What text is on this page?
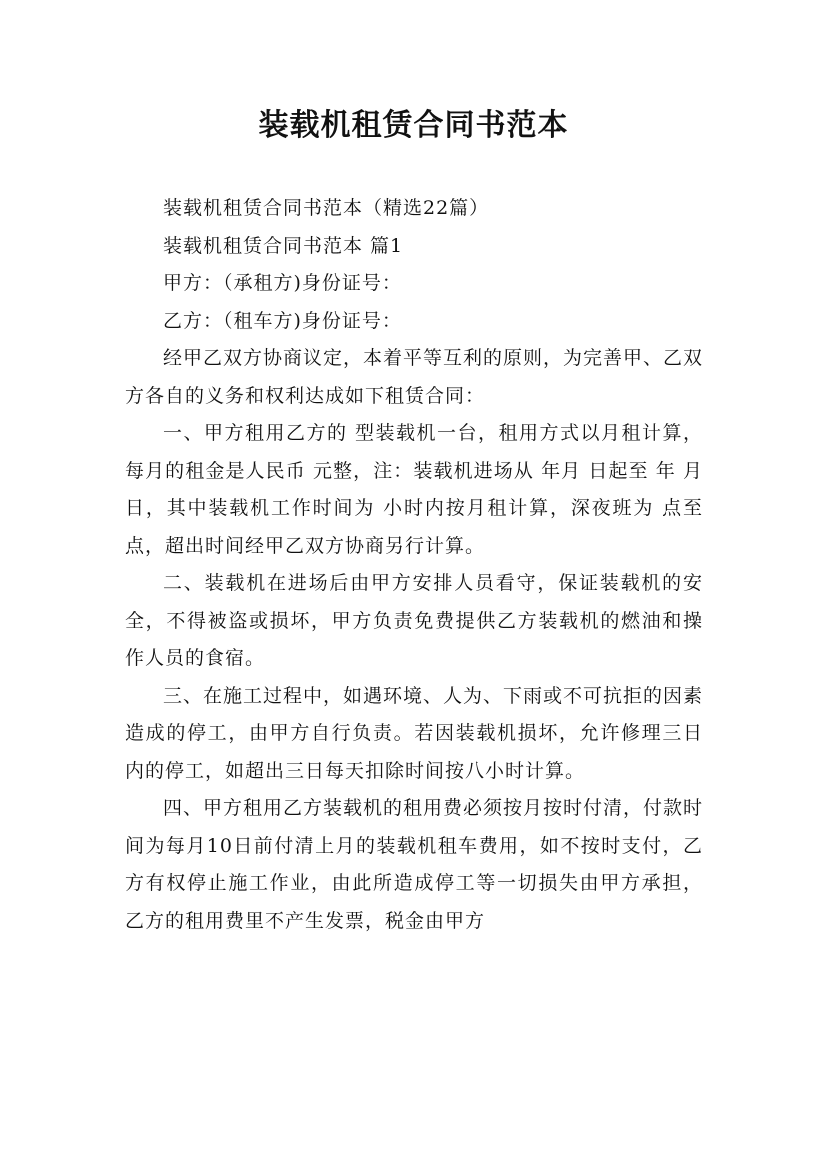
装载机租赁合同书范本

装载机租赁合同书范本（精选22篇）

装载机租赁合同书范本 篇1

甲方：（承租方)身份证号：

乙方：（租车方)身份证号：

经甲乙双方协商议定，本着平等互利的原则，为完善甲、乙双方各自的义务和权利达成如下租赁合同：

一、甲方租用乙方的 型装载机一台，租用方式以月租计算，每月的租金是人民币 元整，注：装载机进场从 年月 日起至 年 月 日，其中装载机工作时间为 小时内按月租计算，深夜班为 点至 点，超出时间经甲乙双方协商另行计算。

二、装载机在进场后由甲方安排人员看守，保证装载机的安全，不得被盗或损坏，甲方负责免费提供乙方装载机的燃油和操作人员的食宿。

三、在施工过程中，如遇环境、人为、下雨或不可抗拒的因素造成的停工，由甲方自行负责。若因装载机损坏，允许修理三日内的停工，如超出三日每天扣除时间按八小时计算。

四、甲方租用乙方装载机的租用费必须按月按时付清，付款时间为每月10日前付清上月的装载机租车费用，如不按时支付，乙方有权停止施工作业，由此所造成停工等一切损失由甲方承担，乙方的租用费里不产生发票，税金由甲方
